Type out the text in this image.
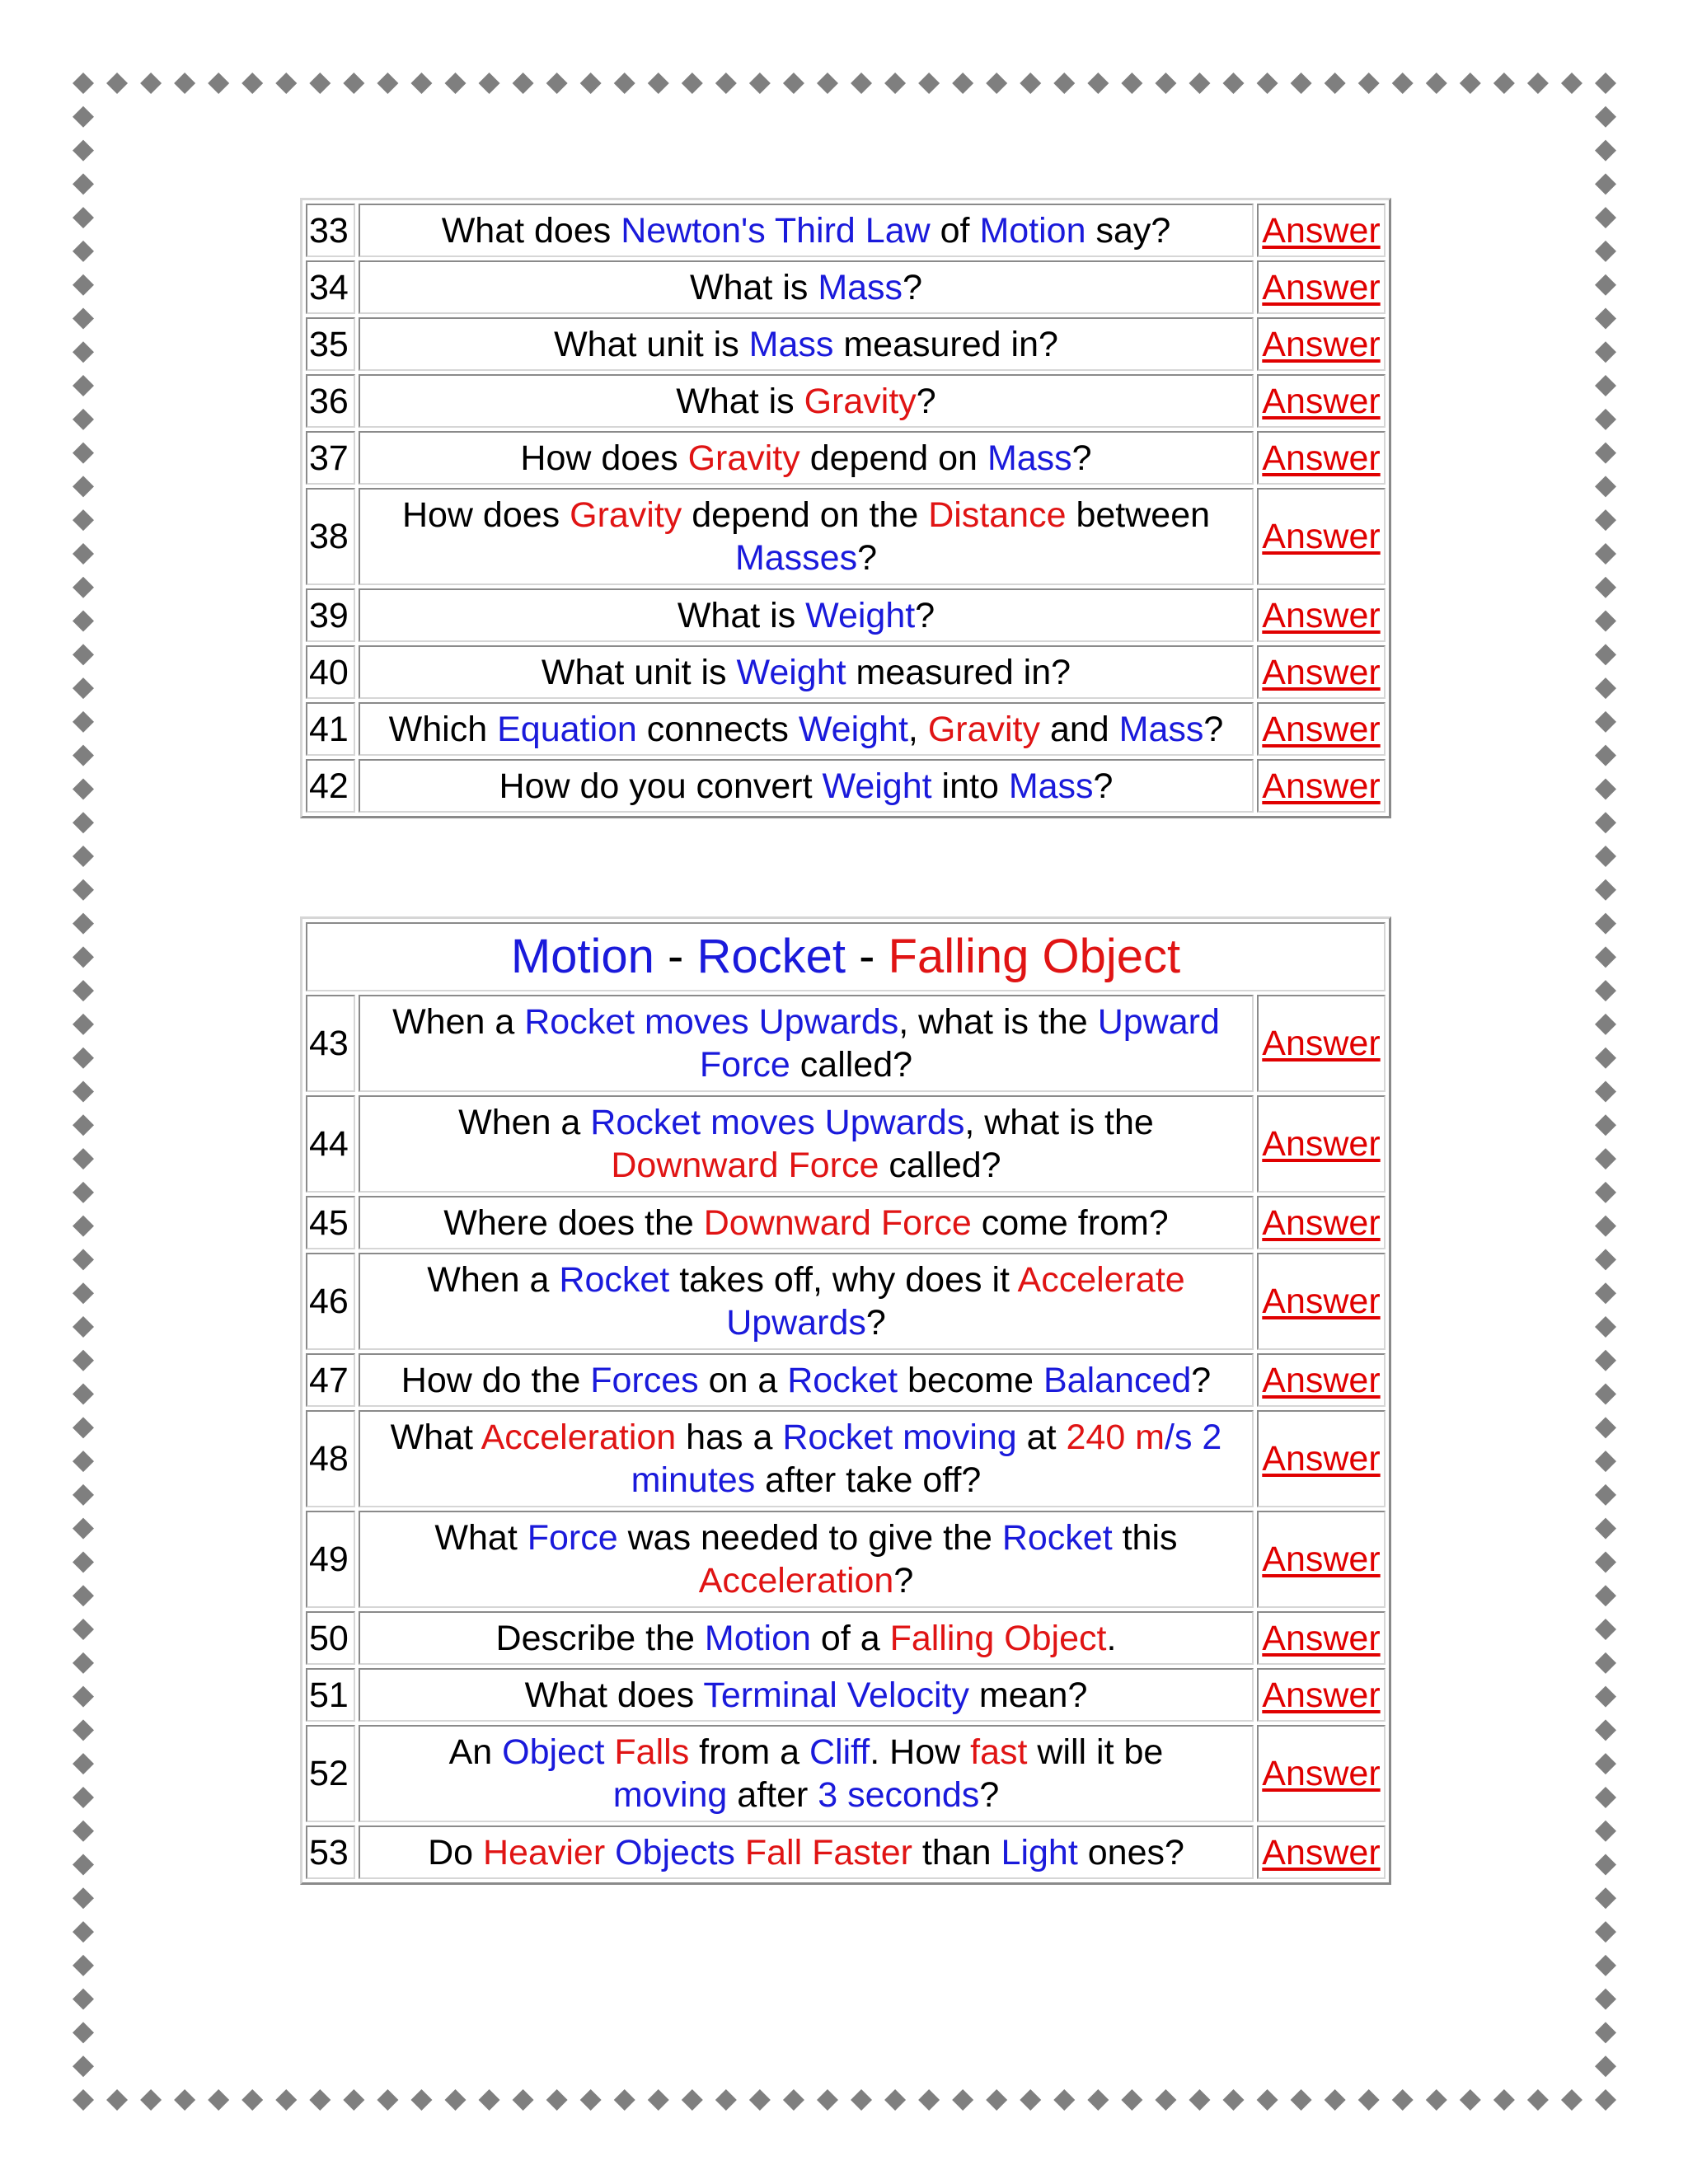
33	What does Newton's Third Law of Motion say?	Answer
34	What is Mass?	Answer
35	What unit is Mass measured in?	Answer
36	What is Gravity?	Answer
37	How does Gravity depend on Mass?	Answer
38	How does Gravity depend on the Distance between
Masses?	Answer
39	What is Weight?	Answer
40	What unit is Weight measured in?	Answer
41	Which Equation connects Weight, Gravity and Mass?	Answer
42	How do you convert Weight into Mass?	Answer
Motion - Rocket - Falling Object		
43	When a Rocket moves Upwards, what is the Upward
Force called?	Answer
44	When a Rocket moves Upwards, what is the
Downward Force called?	Answer
45	Where does the Downward Force come from?	Answer
46	When a Rocket takes off, why does it Accelerate
Upwards?	Answer
47	How do the Forces on a Rocket become Balanced?	Answer
48	What Acceleration has a Rocket moving at 240 m/s 2
minutes after take off?	Answer
49	What Force was needed to give the Rocket this
Acceleration?	Answer
50	Describe the Motion of a Falling Object.	Answer
51	What does Terminal Velocity mean?	Answer
52	An Object Falls from a Cliff. How fast will it be
moving after 3 seconds?	Answer
53	Do Heavier Objects Fall Faster than Light ones?	Answer
